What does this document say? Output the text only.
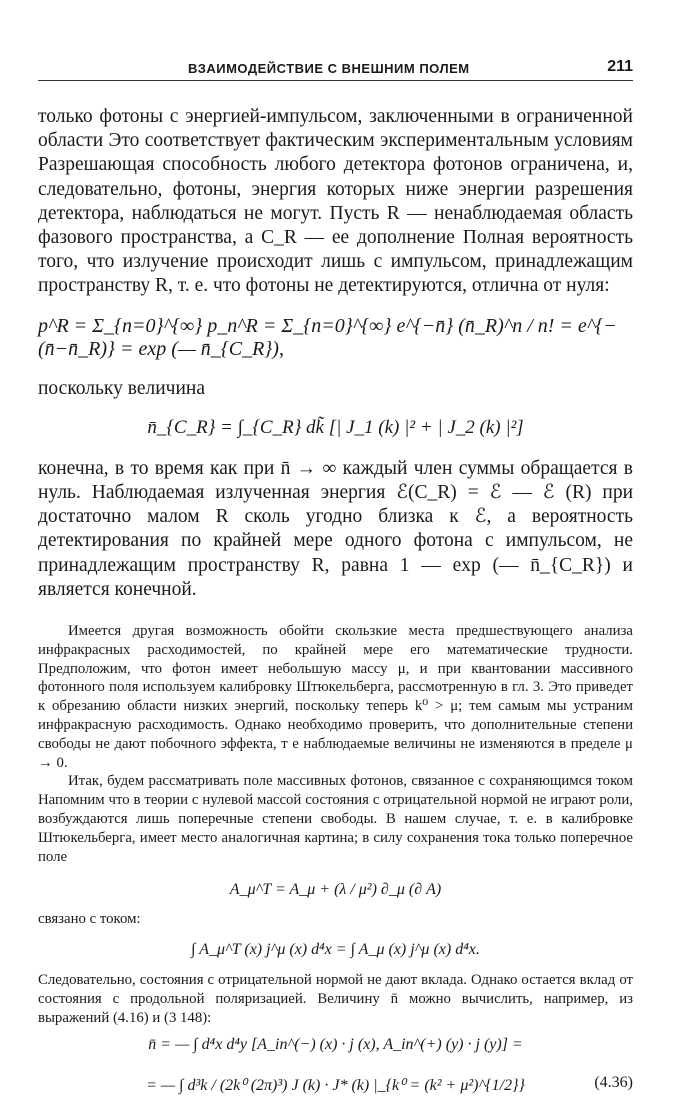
ВЗАИМОДЕЙСТВИЕ С ВНЕШНИМ ПОЛЕМ	211

только фотоны с энергией-импульсом, заключенными в ограниченной области Это соответствует фактическим экспериментальным условиям Разрешающая способность любого детектора фотонов ограничена, и, следовательно, фотоны, энергия которых ниже энергии разрешения детектора, наблюдаться не могут. Пусть R — ненаблюдаемая область фазового пространства, а C_R — ее дополнение Полная вероятность того, что излучение происходит лишь с импульсом, принадлежащим пространству R, т. е. что фотоны не детектируются, отлична от нуля:

p^R = Σ_{n=0}^{∞} p_n^R = Σ_{n=0}^{∞} e^{−n̄} (n̄_R)^n / n! = e^{−(n̄−n̄_R)} = exp (— n̄_{C_R}),

поскольку величина

n̄_{C_R} = ∫_{C_R} dk̃ [| J_1 (k) |² + | J_2 (k) |²]

конечна, в то время как при n̄ → ∞ каждый член суммы обращается в нуль. Наблюдаемая излученная энергия ℰ(C_R) = ℰ — ℰ (R) при достаточно малом R сколь угодно близка к ℰ, а вероятность детектирования по крайней мере одного фотона с импульсом, не принадлежащим пространству R, равна 1 — exp (— n̄_{C_R}) и является конечной.

Имеется другая возможность обойти скользкие места предшествующего анализа инфракрасных расходимостей, по крайней мере его математические трудности. Предположим, что фотон имеет небольшую массу μ, и при квантовании массивного фотонного поля используем калибровку Штюкельберга, рассмотренную в гл. 3. Это приведет к обрезанию области низких энергий, поскольку теперь k⁰ > μ; тем самым мы устраним инфракрасную расходимость. Однако необходимо проверить, что дополнительные степени свободы не дают побочного эффекта, т е наблюдаемые величины не изменяются в пределе μ → 0.

Итак, будем рассматривать поле массивных фотонов, связанное с сохраняющимся током Напомним что в теории с нулевой массой состояния с отрицательной нормой не играют роли, возбуждаются лишь поперечные степени свободы. В нашем случае, т. е. в калибровке Штюкельберга, имеет место аналогичная картина; в силу сохранения тока только поперечное поле

A_μ^T = A_μ + (λ / μ²) ∂_μ (∂ A)

связано с током:

∫ A_μ^T (x) j^μ (x) d⁴x = ∫ A_μ (x) j^μ (x) d⁴x.

Следовательно, состояния с отрицательной нормой не дают вклада. Однако остается вклад от состояния с продольной поляризацией. Величину n̄ можно вычислить, например, из выражений (4.16) и (3 148):

n̄ = — ∫ d⁴x d⁴y [A_in^(−) (x) · j (x), A_in^(+) (y) · j (y)] =
= — ∫ d³k / (2k⁰ (2π)³) J (k) · J* (k) |_{k⁰ = (k² + μ²)^{1/2}}	(4.36)
